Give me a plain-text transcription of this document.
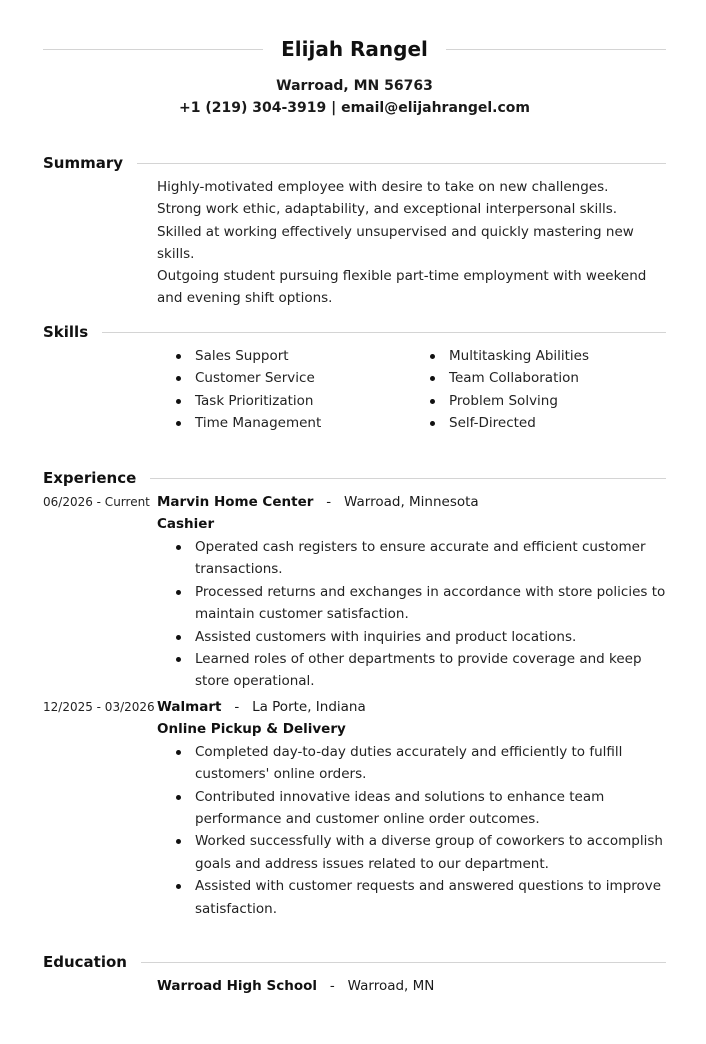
Elijah Rangel
Warroad, MN 56763
+1 (219) 304-3919 | email@elijahrangel.com
Summary
Highly-motivated employee with desire to take on new challenges. Strong work ethic, adaptability, and exceptional interpersonal skills. Skilled at working effectively unsupervised and quickly mastering new skills.
Outgoing student pursuing flexible part-time employment with weekend and evening shift options.
Skills
Sales Support
Customer Service
Task Prioritization
Time Management
Multitasking Abilities
Team Collaboration
Problem Solving
Self-Directed
Experience
06/2026 - Current Marvin Home Center - Warroad, Minnesota
Cashier
Operated cash registers to ensure accurate and efficient customer transactions.
Processed returns and exchanges in accordance with store policies to maintain customer satisfaction.
Assisted customers with inquiries and product locations.
Learned roles of other departments to provide coverage and keep store operational.
12/2025 - 03/2026 Walmart - La Porte, Indiana
Online Pickup & Delivery
Completed day-to-day duties accurately and efficiently to fulfill customers' online orders.
Contributed innovative ideas and solutions to enhance team performance and customer online order outcomes.
Worked successfully with a diverse group of coworkers to accomplish goals and address issues related to our department.
Assisted with customer requests and answered questions to improve satisfaction.
Education
Warroad High School - Warroad, MN
